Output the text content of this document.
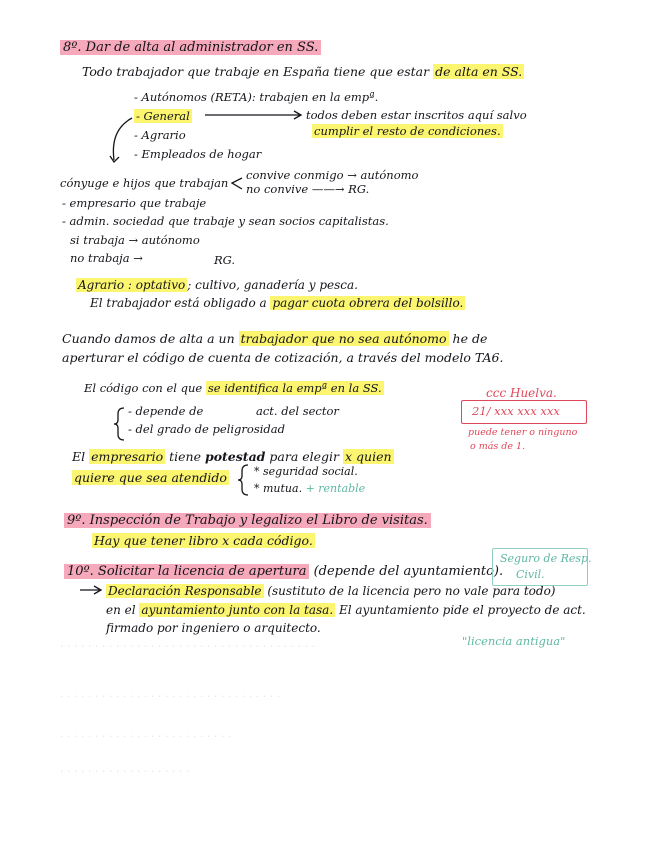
· · · · · · · · · · · · · · · · · · · · · · · · · · · · · · · · · · · · ·
· · · · · · · · · · · · · · · · · · · · · · · · · · · · · · · ·
· · · · · · · · · · · · · · · · · · · · · · · · ·
· · · · · · · · · · · · · · · · · · ·
8º. Dar de alta al administrador en SS.
Todo trabajador que trabaje en España tiene que estar de alta en SS.
- Autónomos (RETA): trabajen en la empª.
- General	todos deben estar inscritos aquí salvo
cumplir el resto de condiciones.
- Agrario
- Empleados de hogar
cónyuge e hijos que trabajan
convive conmigo → autónomo
no convive ——→ RG.
- empresario que trabaje
- admin. sociedad que trabaje y sean socios capitalistas.
si trabaja → autónomo
no trabaja →	RG.
Agrario : optativo ; cultivo, ganadería y pesca.
El trabajador está obligado a pagar cuota obrera del bolsillo.
Cuando damos de alta a un trabajador que no sea autónomo he de
aperturar el código de cuenta de cotización, a través del modelo TA6.
El código con el que se identifica la empª en la SS.
- depende de	act. del sector
- del grado de peligrosidad
ccc Huelva.
21/ xxx xxx xxx
puede tener o ninguno
o más de 1.
El empresario tiene potestad para elegir x quien
quiere que sea atendido * seguridad social.
* mutua. + rentable
9º. Inspección de Trabajo y legalizo el Libro de visitas.
Hay que tener libro x cada código.
10º. Solicitar la licencia de apertura (depende del ayuntamiento).
Seguro de Resp.
Civil.
Declaración Responsable (sustituto de la licencia pero no vale para todo)
en el ayuntamiento junto con la tasa. El ayuntamiento pide el proyecto de act.
firmado por ingeniero o arquitecto.
"licencia antigua"
